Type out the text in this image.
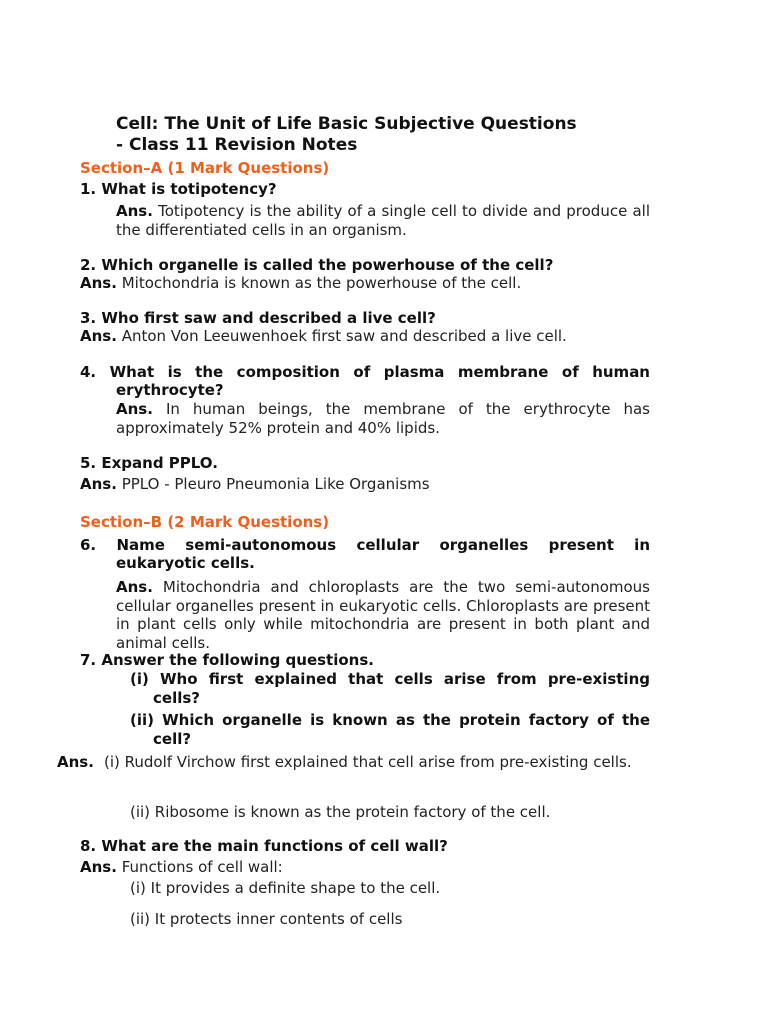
Cell: The Unit of Life Basic Subjective Questions
- Class 11 Revision Notes
Section–A (1 Mark Questions)
1. What is totipotency?
Ans. Totipotency is the ability of a single cell to divide and produce all the differentiated cells in an organism.
2. Which organelle is called the powerhouse of the cell?
Ans. Mitochondria is known as the powerhouse of the cell.
3. Who first saw and described a live cell?
Ans. Anton Von Leeuwenhoek first saw and described a live cell.
4. What is the composition of plasma membrane of human erythrocyte?
Ans. In human beings, the membrane of the erythrocyte has approximately 52% protein and 40% lipids.
5. Expand PPLO.
Ans. PPLO - Pleuro Pneumonia Like Organisms
Section–B (2 Mark Questions)
6. Name semi-autonomous cellular organelles present in eukaryotic cells.
Ans. Mitochondria and chloroplasts are the two semi-autonomous cellular organelles present in eukaryotic cells. Chloroplasts are present in plant cells only while mitochondria are present in both plant and animal cells.
7. Answer the following questions.
(i) Who first explained that cells arise from pre-existing cells?
(ii) Which organelle is known as the protein factory of the cell?
Ans. (i) Rudolf Virchow first explained that cell arise from pre-existing cells.
(ii) Ribosome is known as the protein factory of the cell.
8. What are the main functions of cell wall?
Ans. Functions of cell wall:
(i) It provides a definite shape to the cell.
(ii) It protects inner contents of cells
